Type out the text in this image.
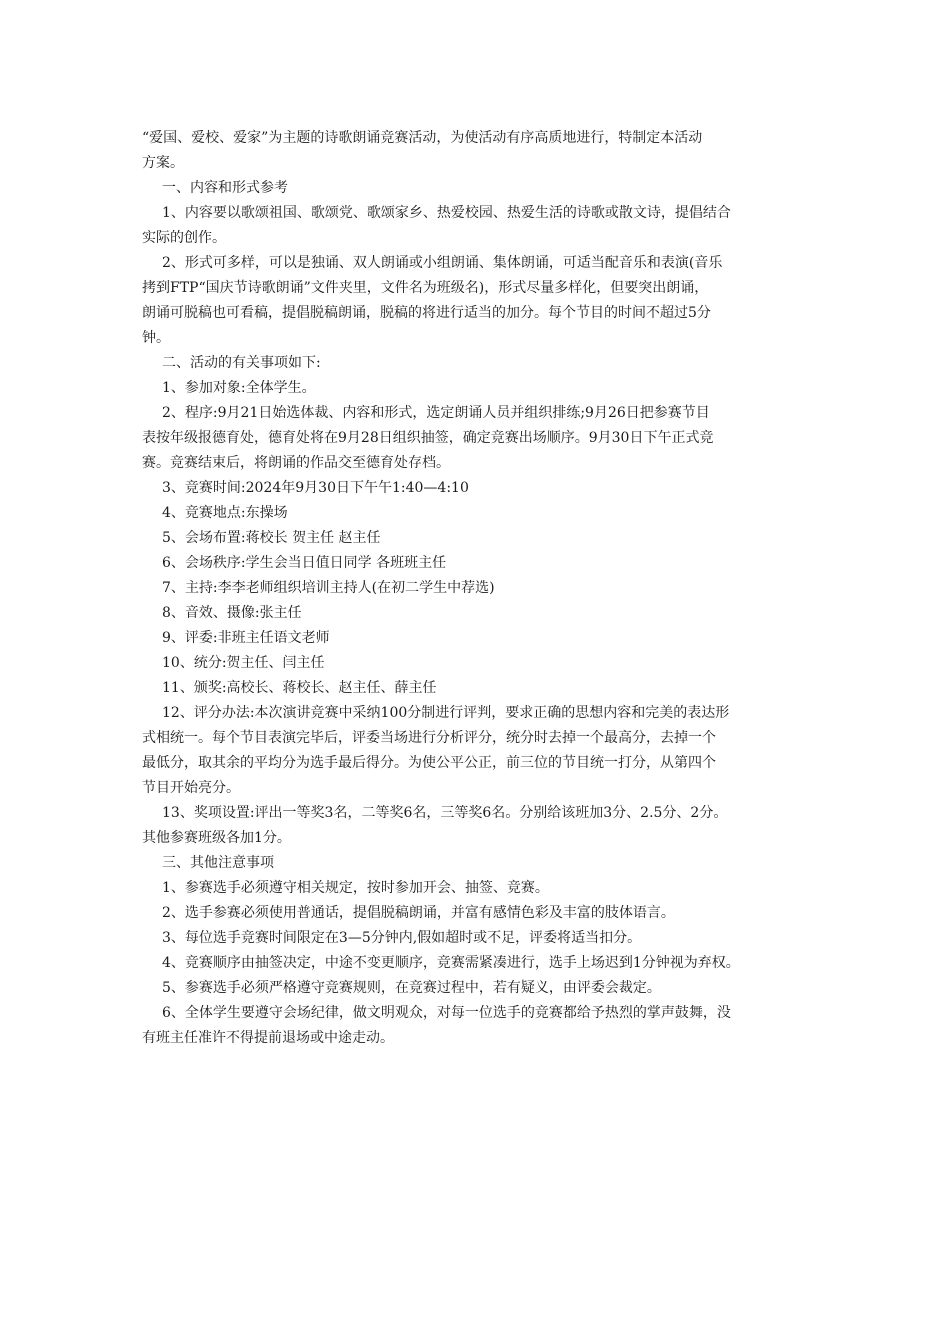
“爱国、爱校、爱家”为主题的诗歌朗诵竞赛活动，为使活动有序高质地进行，特制定本活动

方案。

一、内容和形式参考

1、内容要以歌颂祖国、歌颂党、歌颂家乡、热爱校园、热爱生活的诗歌或散文诗，提倡结合

实际的创作。

2、形式可多样，可以是独诵、双人朗诵或小组朗诵、集体朗诵，可适当配音乐和表演(音乐

拷到FTP“国庆节诗歌朗诵”文件夹里，文件名为班级名)，形式尽量多样化，但要突出朗诵，

朗诵可脱稿也可看稿，提倡脱稿朗诵，脱稿的将进行适当的加分。每个节目的时间不超过5分

钟。

二、活动的有关事项如下:

1、参加对象:全体学生。

2、程序:9月21日始选体裁、内容和形式，选定朗诵人员并组织排练;9月26日把参赛节目

表按年级报德育处，德育处将在9月28日组织抽签，确定竞赛出场顺序。9月30日下午正式竞

赛。竞赛结束后，将朗诵的作品交至德育处存档。

3、竞赛时间:2024年9月30日下午午1:40—4:10

4、竞赛地点:东操场

5、会场布置:蒋校长 贺主任 赵主任

6、会场秩序:学生会当日值日同学 各班班主任

7、主持:李李老师组织培训主持人(在初二学生中荐选)

8、音效、摄像:张主任

9、评委:非班主任语文老师

10、统分:贺主任、闫主任

11、颁奖:高校长、蒋校长、赵主任、薛主任

12、评分办法:本次演讲竞赛中采纳100分制进行评判，要求正确的思想内容和完美的表达形

式相统一。每个节目表演完毕后，评委当场进行分析评分，统分时去掉一个最高分，去掉一个

最低分，取其余的平均分为选手最后得分。为使公平公正，前三位的节目统一打分，从第四个

节目开始亮分。

13、奖项设置:评出一等奖3名，二等奖6名，三等奖6名。分别给该班加3分、2.5分、2分。

其他参赛班级各加1分。

三、其他注意事项

1、参赛选手必须遵守相关规定，按时参加开会、抽签、竞赛。

2、选手参赛必须使用普通话，提倡脱稿朗诵，并富有感情色彩及丰富的肢体语言。

3、每位选手竞赛时间限定在3—5分钟内,假如超时或不足，评委将适当扣分。

4、竞赛顺序由抽签决定，中途不变更顺序，竞赛需紧凑进行，选手上场迟到1分钟视为弃权。

5、参赛选手必须严格遵守竞赛规则，在竞赛过程中，若有疑义，由评委会裁定。

6、全体学生要遵守会场纪律，做文明观众，对每一位选手的竞赛都给予热烈的掌声鼓舞，没

有班主任准许不得提前退场或中途走动。
